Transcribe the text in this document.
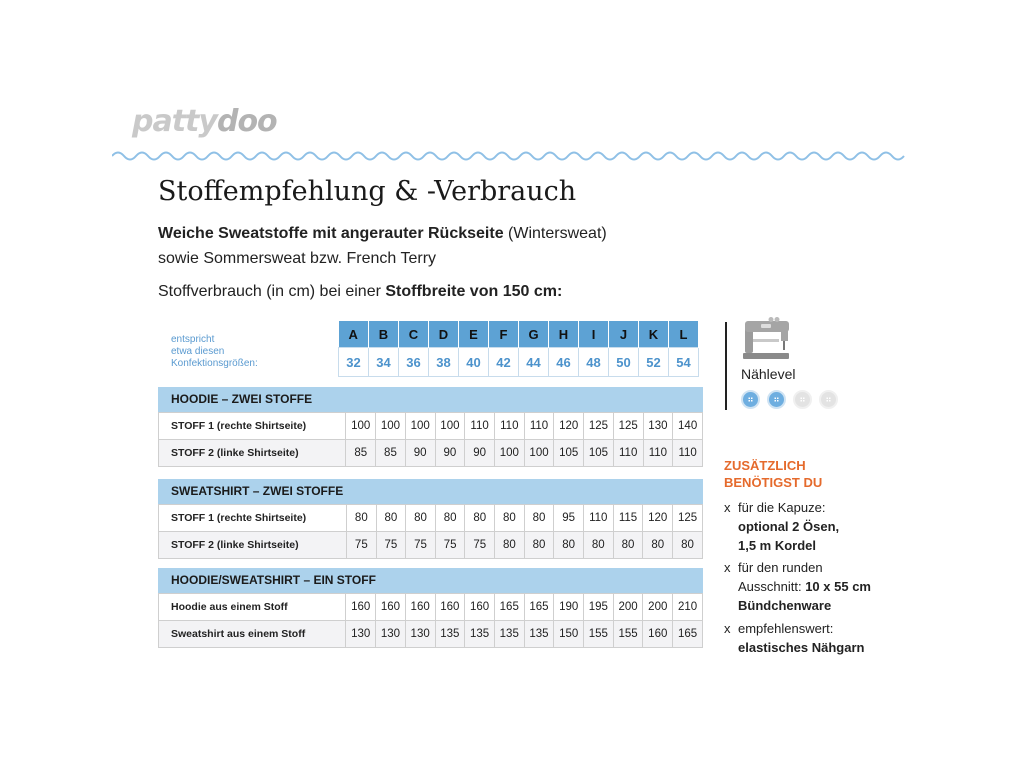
pattydoo
Stoffempfehlung & -Verbrauch
Weiche Sweatstoffe mit angerauter Rückseite (Wintersweat)
sowie Sommersweat bzw. French Terry
Stoffverbrauch (in cm) bei einer Stoffbreite von 150 cm:
entspricht
etwa diesen
Konfektionsgrößen:
A	B	C	D	E	F	G	H	I	J	K	L
32	34	36	38	40	42	44	46	48	50	52	54
HOODIE – ZWEI STOFFE
STOFF 1 (rechte Shirtseite)	100	100	100	100	110	110	110	120	125	125	130	140
STOFF 2 (linke Shirtseite)	85	85	90	90	90	100	100	105	105	110	110	110
SWEATSHIRT – ZWEI STOFFE
STOFF 1 (rechte Shirtseite)	80	80	80	80	80	80	80	95	110	115	120	125
STOFF 2 (linke Shirtseite)	75	75	75	75	75	80	80	80	80	80	80	80
HOODIE/SWEATSHIRT – EIN STOFF
Hoodie aus einem Stoff	160	160	160	160	160	165	165	190	195	200	200	210
Sweatshirt aus einem Stoff	130	130	130	135	135	135	135	150	155	155	160	165
Nählevel
ZUSÄTZLICH
BENÖTIGST DU
x für die Kapuze:
optional 2 Ösen,
1,5 m Kordel
x für den runden
Ausschnitt: 10 x 55 cm
Bündchenware
x empfehlenswert:
elastisches Nähgarn
